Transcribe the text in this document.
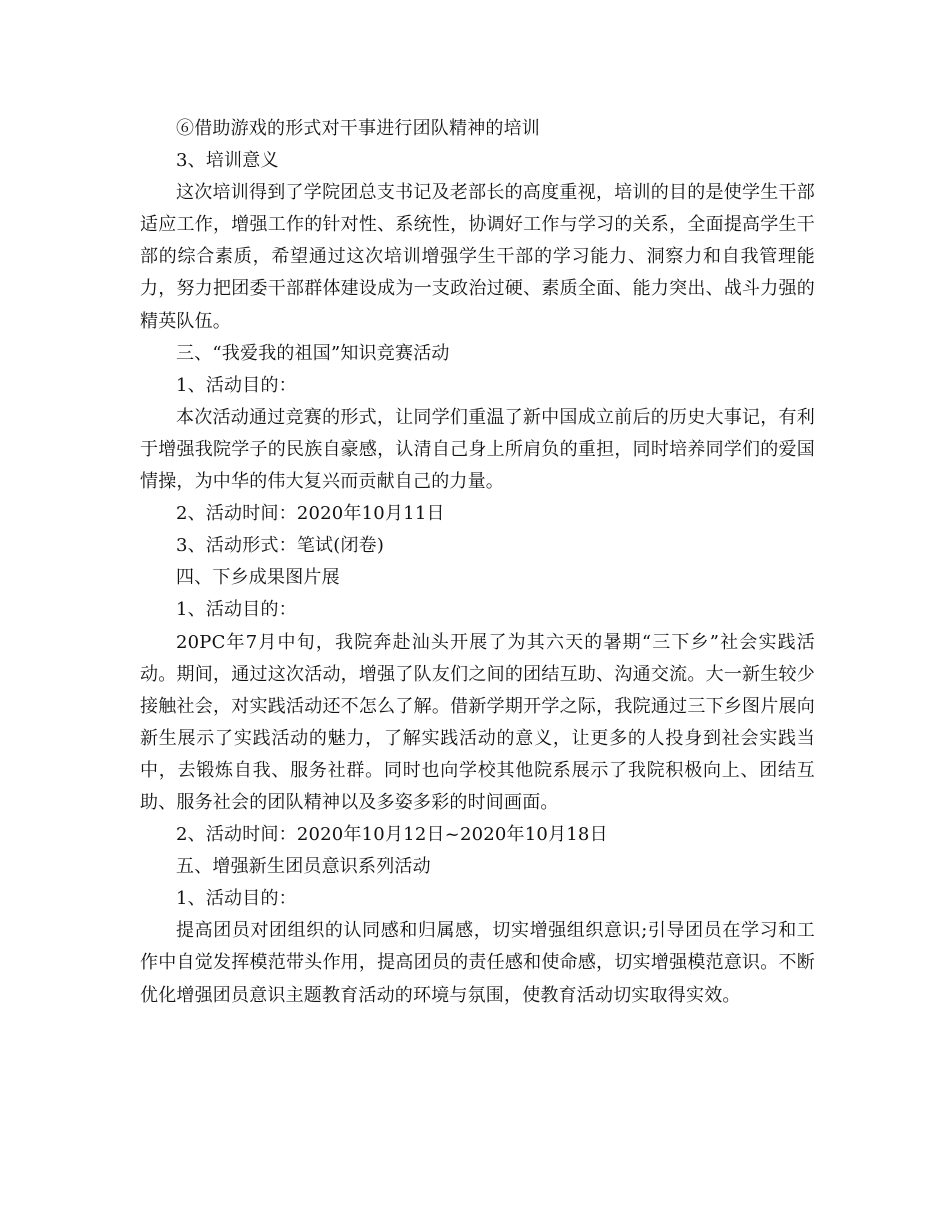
⑥借助游戏的形式对干事进行团队精神的培训

3、培训意义

这次培训得到了学院团总支书记及老部长的高度重视，培训的目的是使学生干部适应工作，增强工作的针对性、系统性，协调好工作与学习的关系，全面提高学生干部的综合素质，希望通过这次培训增强学生干部的学习能力、洞察力和自我管理能力，努力把团委干部群体建设成为一支政治过硬、素质全面、能力突出、战斗力强的精英队伍。

三、“我爱我的祖国”知识竞赛活动

1、活动目的：

本次活动通过竞赛的形式，让同学们重温了新中国成立前后的历史大事记，有利于增强我院学子的民族自豪感，认清自己身上所肩负的重担，同时培养同学们的爱国情操，为中华的伟大复兴而贡献自己的力量。

2、活动时间：2020年10月11日

3、活动形式：笔试(闭卷)

四、下乡成果图片展

1、活动目的：

20PC年7月中旬，我院奔赴汕头开展了为其六天的暑期“三下乡”社会实践活动。期间，通过这次活动，增强了队友们之间的团结互助、沟通交流。大一新生较少接触社会，对实践活动还不怎么了解。借新学期开学之际，我院通过三下乡图片展向新生展示了实践活动的魅力，了解实践活动的意义，让更多的人投身到社会实践当中，去锻炼自我、服务社群。同时也向学校其他院系展示了我院积极向上、团结互助、服务社会的团队精神以及多姿多彩的时间画面。

2、活动时间：2020年10月12日~2020年10月18日

五、增强新生团员意识系列活动

1、活动目的：

提高团员对团组织的认同感和归属感，切实增强组织意识;引导团员在学习和工作中自觉发挥模范带头作用，提高团员的责任感和使命感，切实增强模范意识。不断优化增强团员意识主题教育活动的环境与氛围，使教育活动切实取得实效。
